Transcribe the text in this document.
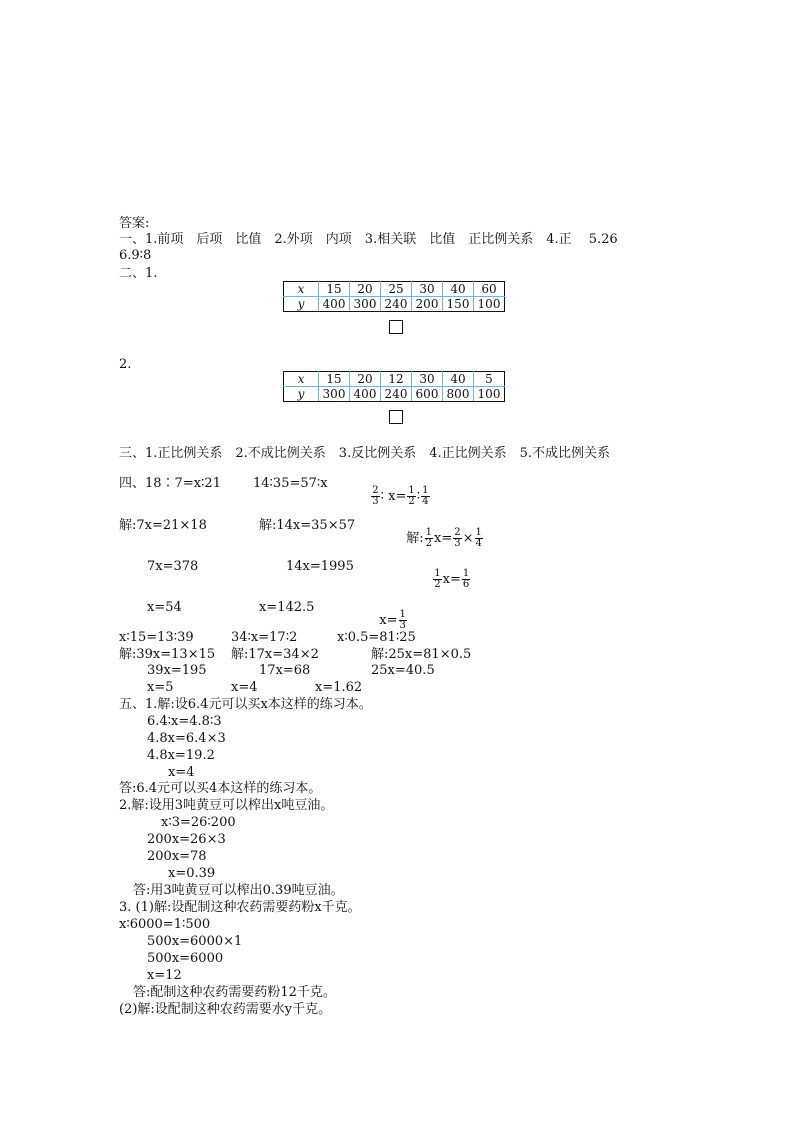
答案:
一、1.前项　后项　比值　2.外项　内项　3.相关联　比值　正比例关系　4.正　 5.26
6.9∶8
二、1.
x	15	20	25	30	40	60
y	400	300	240	200	150	100
2.
x	15	20	12	30	40	5
y	300	400	240	600	800	100
三、1.正比例关系　2.不成比例关系　3.反比例关系　4.正比例关系　5.不成比例关系
四、18∶7=x∶21 14∶35=57∶x

$\frac{2}{3}$ ∶ $x= \frac{1}{2}$ ∶ $\frac{1}{4}$

解:7x=21×18	解:14x=35×57

解: $\frac{1}{2} x= \frac{2}{3} \times \frac{1}{4}$

7x=378	14x=1995

$\frac{1}{2} x= \frac{1}{6}$

x=54	x=142.5

$x= \frac{1}{3}$

x∶15=13∶39	34∶x=17∶2	x∶0.5=81∶25
解:39x=13×15 解:17x=34×2	解:25x=81×0.5
39x=195	17x=68	25x=40.5
x=5	x=4	x=1.62
五、1.解:设6.4元可以买x本这样的练习本。
6.4∶x=4.8∶3
4.8x=6.4×3
4.8x=19.2
x=4
答:6.4元可以买4本这样的练习本。
2.解:设用3吨黄豆可以榨出x吨豆油。
x∶3=26∶200
200x=26×3
200x=78
x=0.39
答:用3吨黄豆可以榨出0.39吨豆油。
3. (1)解:设配制这种农药需要药粉x千克。
x∶6000=1∶500
500x=6000×1
500x=6000
x=12
答:配制这种农药需要药粉12千克。
(2)解:设配制这种农药需要水y千克。
